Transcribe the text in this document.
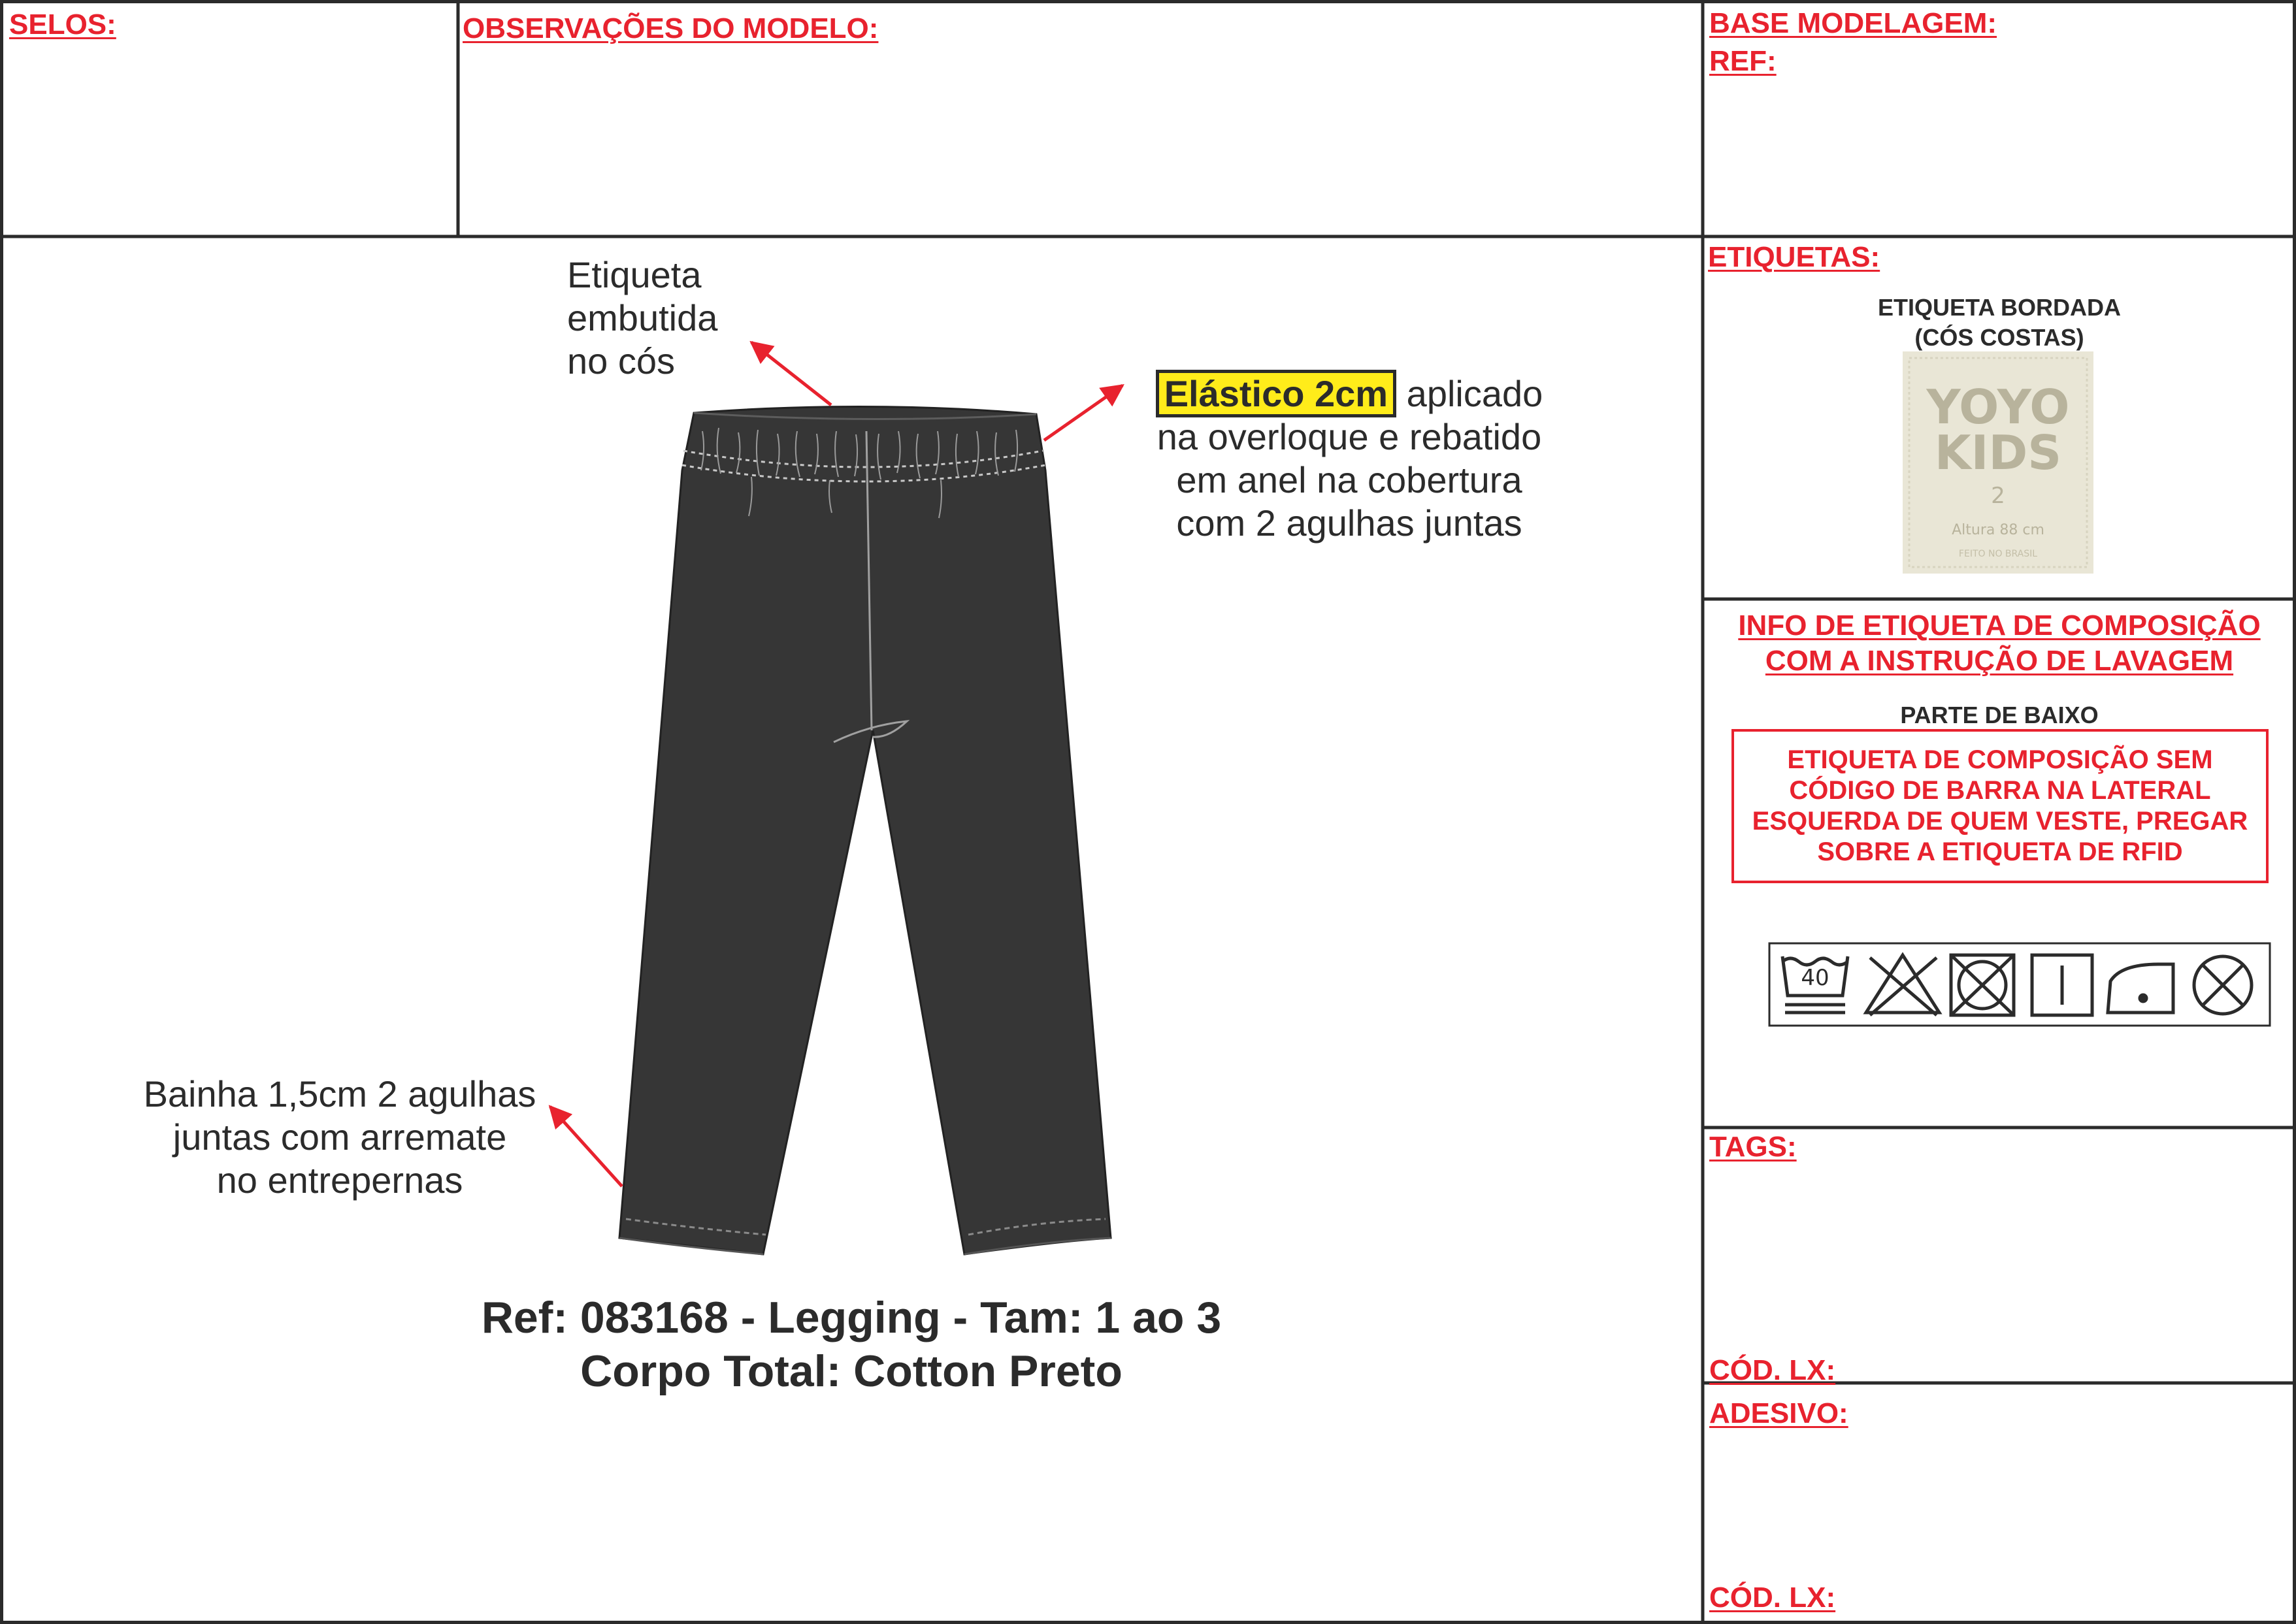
SELOS:	OBSERVAÇÕES DO MODELO:	BASE MODELAGEM:
REF:
ETIQUETAS:
INFO DE ETIQUETA DE COMPOSIÇÃO
COM A INSTRUÇÃO DE LAVAGEM
TAGS:
CÓD. LX:
ADESIVO:
CÓD. LX:
Etiqueta
embutida
no cós
Elástico 2cm aplicado
na overloque e rebatido
em anel na cobertura
com 2 agulhas juntas
Bainha 1,5cm 2 agulhas
juntas com arremate
no entrepernas
Ref: 083168 - Legging - Tam: 1 ao 3
Corpo Total: Cotton Preto
ETIQUETA BORDADA
(CÓS COSTAS)
YOYO
KIDS
2
Altura 88 cm
FEITO NO BRASIL
PARTE DE BAIXO
ETIQUETA DE COMPOSIÇÃO SEM
CÓDIGO DE BARRA NA LATERAL
ESQUERDA DE QUEM VESTE, PREGAR
SOBRE A ETIQUETA DE RFID
40
